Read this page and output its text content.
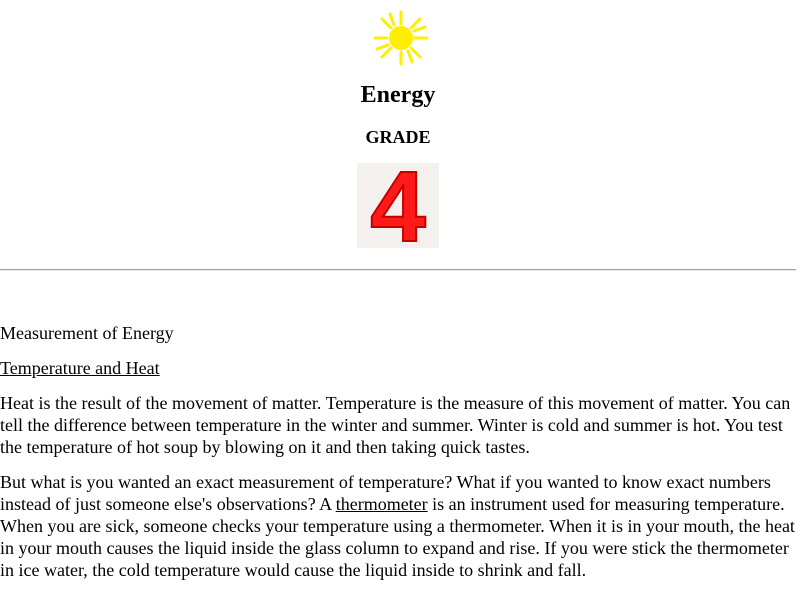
Energy
GRADE
4

Measurement of Energy

Temperature and Heat

Heat is the result of the movement of matter. Temperature is the measure of this movement of matter. You can tell the difference between temperature in the winter and summer. Winter is cold and summer is hot. You test the temperature of hot soup by blowing on it and then taking quick tastes.

But what is you wanted an exact measurement of temperature? What if you wanted to know exact numbers instead of just someone else's observations? A thermometer is an instrument used for measuring temperature. When you are sick, someone checks your temperature using a thermometer. When it is in your mouth, the heat in your mouth causes the liquid inside the glass column to expand and rise. If you were stick the thermometer in ice water, the cold temperature would cause the liquid inside to shrink and fall.
